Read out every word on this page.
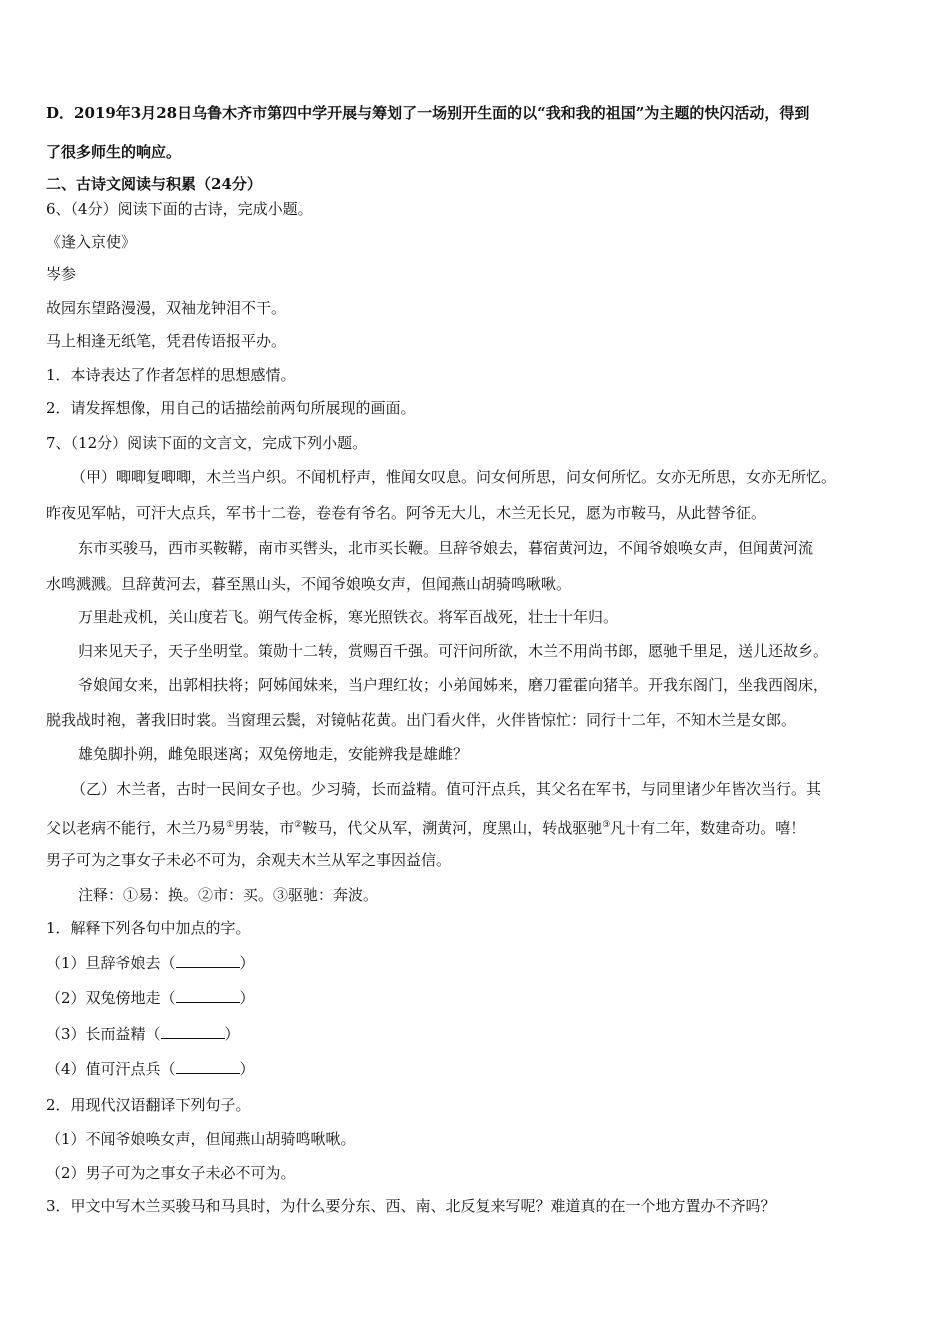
D．2019年3月28日乌鲁木齐市第四中学开展与筹划了一场别开生面的以“我和我的祖国”为主题的快闪活动，得到
了很多师生的响应。
二、古诗文阅读与积累（24分）
6、（4分）阅读下面的古诗，完成小题。
《逢入京使》
岑参
故园东望路漫漫，双袖龙钟泪不干。
马上相逢无纸笔，凭君传语报平办。
1．本诗表达了作者怎样的思想感情。
2．请发挥想像，用自己的话描绘前两句所展现的画面。
7、（12分）阅读下面的文言文，完成下列小题。
（甲）唧唧复唧唧，木兰当户织。不闻机杼声，惟闻女叹息。问女何所思，问女何所忆。女亦无所思，女亦无所忆。
昨夜见军帖，可汗大点兵，军书十二卷，卷卷有爷名。阿爷无大儿，木兰无长兄，愿为市鞍马，从此替爷征。
东市买骏马，西市买鞍鞯，南市买辔头，北市买长鞭。旦辞爷娘去，暮宿黄河边，不闻爷娘唤女声，但闻黄河流
水鸣溅溅。旦辞黄河去，暮至黑山头，不闻爷娘唤女声，但闻燕山胡骑鸣啾啾。
万里赴戎机，关山度若飞。朔气传金柝，寒光照铁衣。将军百战死，壮士十年归。
归来见天子，天子坐明堂。策勋十二转，赏赐百千强。可汗问所欲，木兰不用尚书郎，愿驰千里足，送儿还故乡。
爷娘闻女来，出郭相扶将；阿姊闻妹来，当户理红妆；小弟闻姊来，磨刀霍霍向猪羊。开我东阁门，坐我西阁床，
脱我战时袍，著我旧时裳。当窗理云鬓，对镜帖花黄。出门看火伴，火伴皆惊忙：同行十二年，不知木兰是女郎。
雄兔脚扑朔，雌兔眼迷离；双兔傍地走，安能辨我是雄雌？
（乙）木兰者，古时一民间女子也。少习骑，长而益精。值可汗点兵，其父名在军书，与同里诸少年皆次当行。其
父以老病不能行，木兰乃易①男装，市②鞍马，代父从军，溯黄河，度黑山，转战驱驰③凡十有二年，数建奇功。嘻！
男子可为之事女子未必不可为，余观夫木兰从军之事因益信。
注释：①易：换。②市：买。③驱驰：奔波。
1．解释下列各句中加点的字。
（1）旦辞爷娘去（	）
（2）双兔傍地走（	）
（3）长而益精（	）
（4）值可汗点兵（	）
2．用现代汉语翻译下列句子。
（1）不闻爷娘唤女声，但闻燕山胡骑鸣啾啾。
（2）男子可为之事女子未必不可为。
3．甲文中写木兰买骏马和马具时，为什么要分东、西、南、北反复来写呢？难道真的在一个地方置办不齐吗？
